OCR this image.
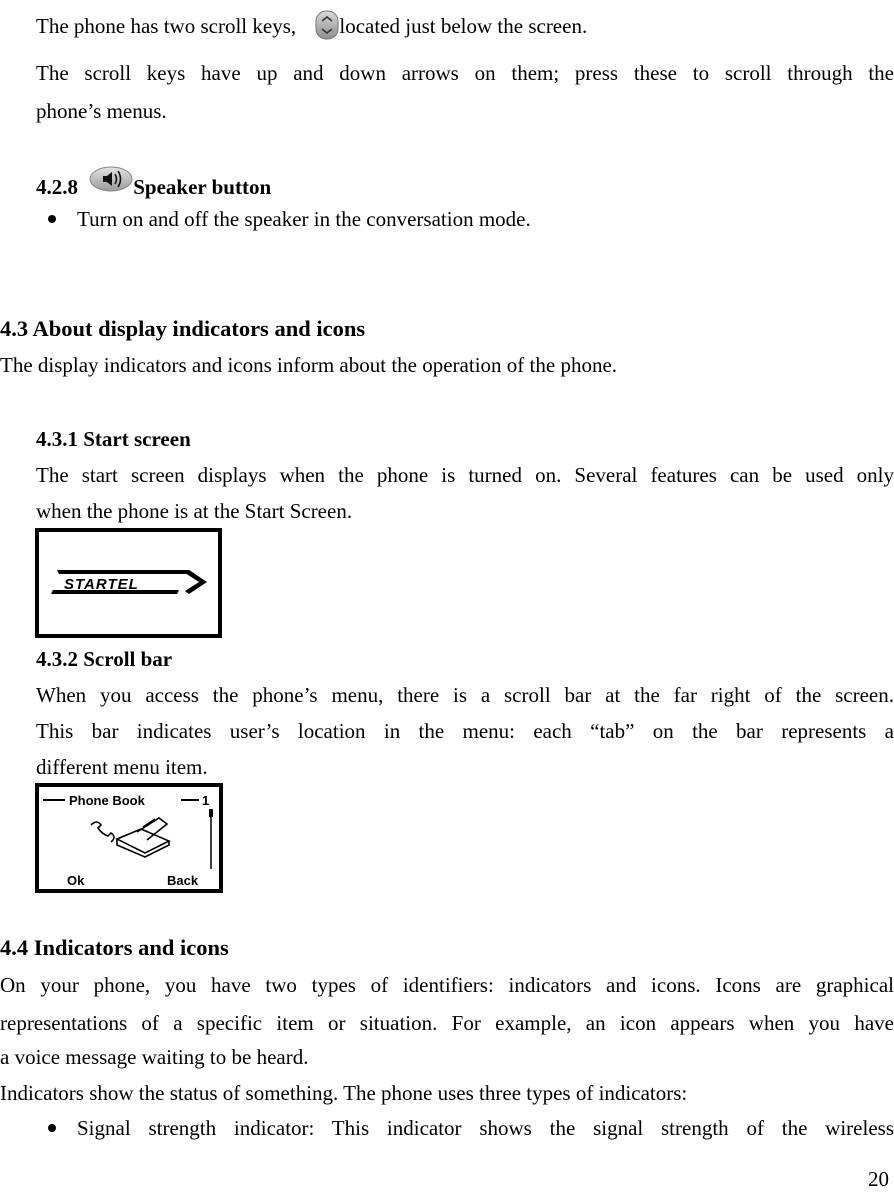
The phone has two scroll keys, located just below the screen.
The scroll keys have up and down arrows on them; press these to scroll through the
phone’s menus.
4.2.8	Speaker button
Turn on and off the speaker in the conversation mode.
4.3 About display indicators and icons
The display indicators and icons inform about the operation of the phone.
4.3.1 Start screen
The start screen displays when the phone is turned on. Several features can be used only
when the phone is at the Start Screen.
STARTEL
4.3.2 Scroll bar
When you access the phone’s menu, there is a scroll bar at the far right of the screen.
This bar indicates user’s location in the menu: each “tab” on the bar represents a
different menu item.
Phone Book	1
Ok	Back
4.4 Indicators and icons
On your phone, you have two types of identifiers: indicators and icons. Icons are graphical
representations of a specific item or situation. For example, an icon appears when you have
a voice message waiting to be heard.
Indicators show the status of something. The phone uses three types of indicators:
Signal strength indicator: This indicator shows the signal strength of the wireless
20
